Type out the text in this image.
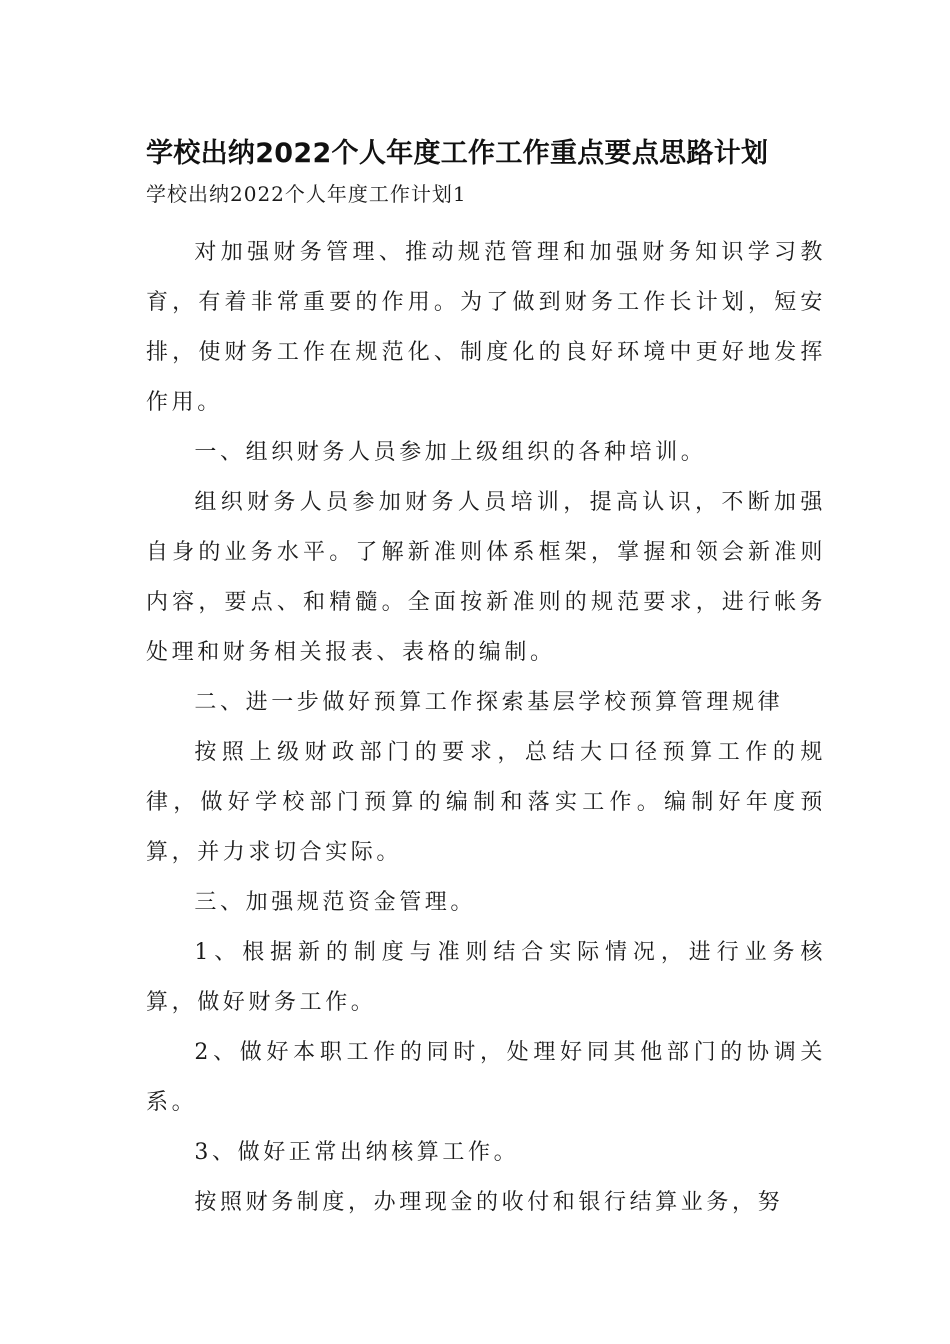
学校出纳2022个人年度工作工作重点要点思路计划
学校出纳2022个人年度工作计划1

对加强财务管理、推动规范管理和加强财务知识学习教育，有着非常重要的作用。为了做到财务工作长计划，短安排，使财务工作在规范化、制度化的良好环境中更好地发挥作用。

一、组织财务人员参加上级组织的各种培训。

组织财务人员参加财务人员培训，提高认识，不断加强自身的业务水平。了解新准则体系框架，掌握和领会新准则内容，要点、和精髓。全面按新准则的规范要求，进行帐务处理和财务相关报表、表格的编制。

二、进一步做好预算工作探索基层学校预算管理规律

按照上级财政部门的要求，总结大口径预算工作的规律，做好学校部门预算的编制和落实工作。编制好年度预算，并力求切合实际。

三、加强规范资金管理。

1、根据新的制度与准则结合实际情况，进行业务核算，做好财务工作。

2、做好本职工作的同时，处理好同其他部门的协调关系。

3、做好正常出纳核算工作。

按照财务制度，办理现金的收付和银行结算业务，努
